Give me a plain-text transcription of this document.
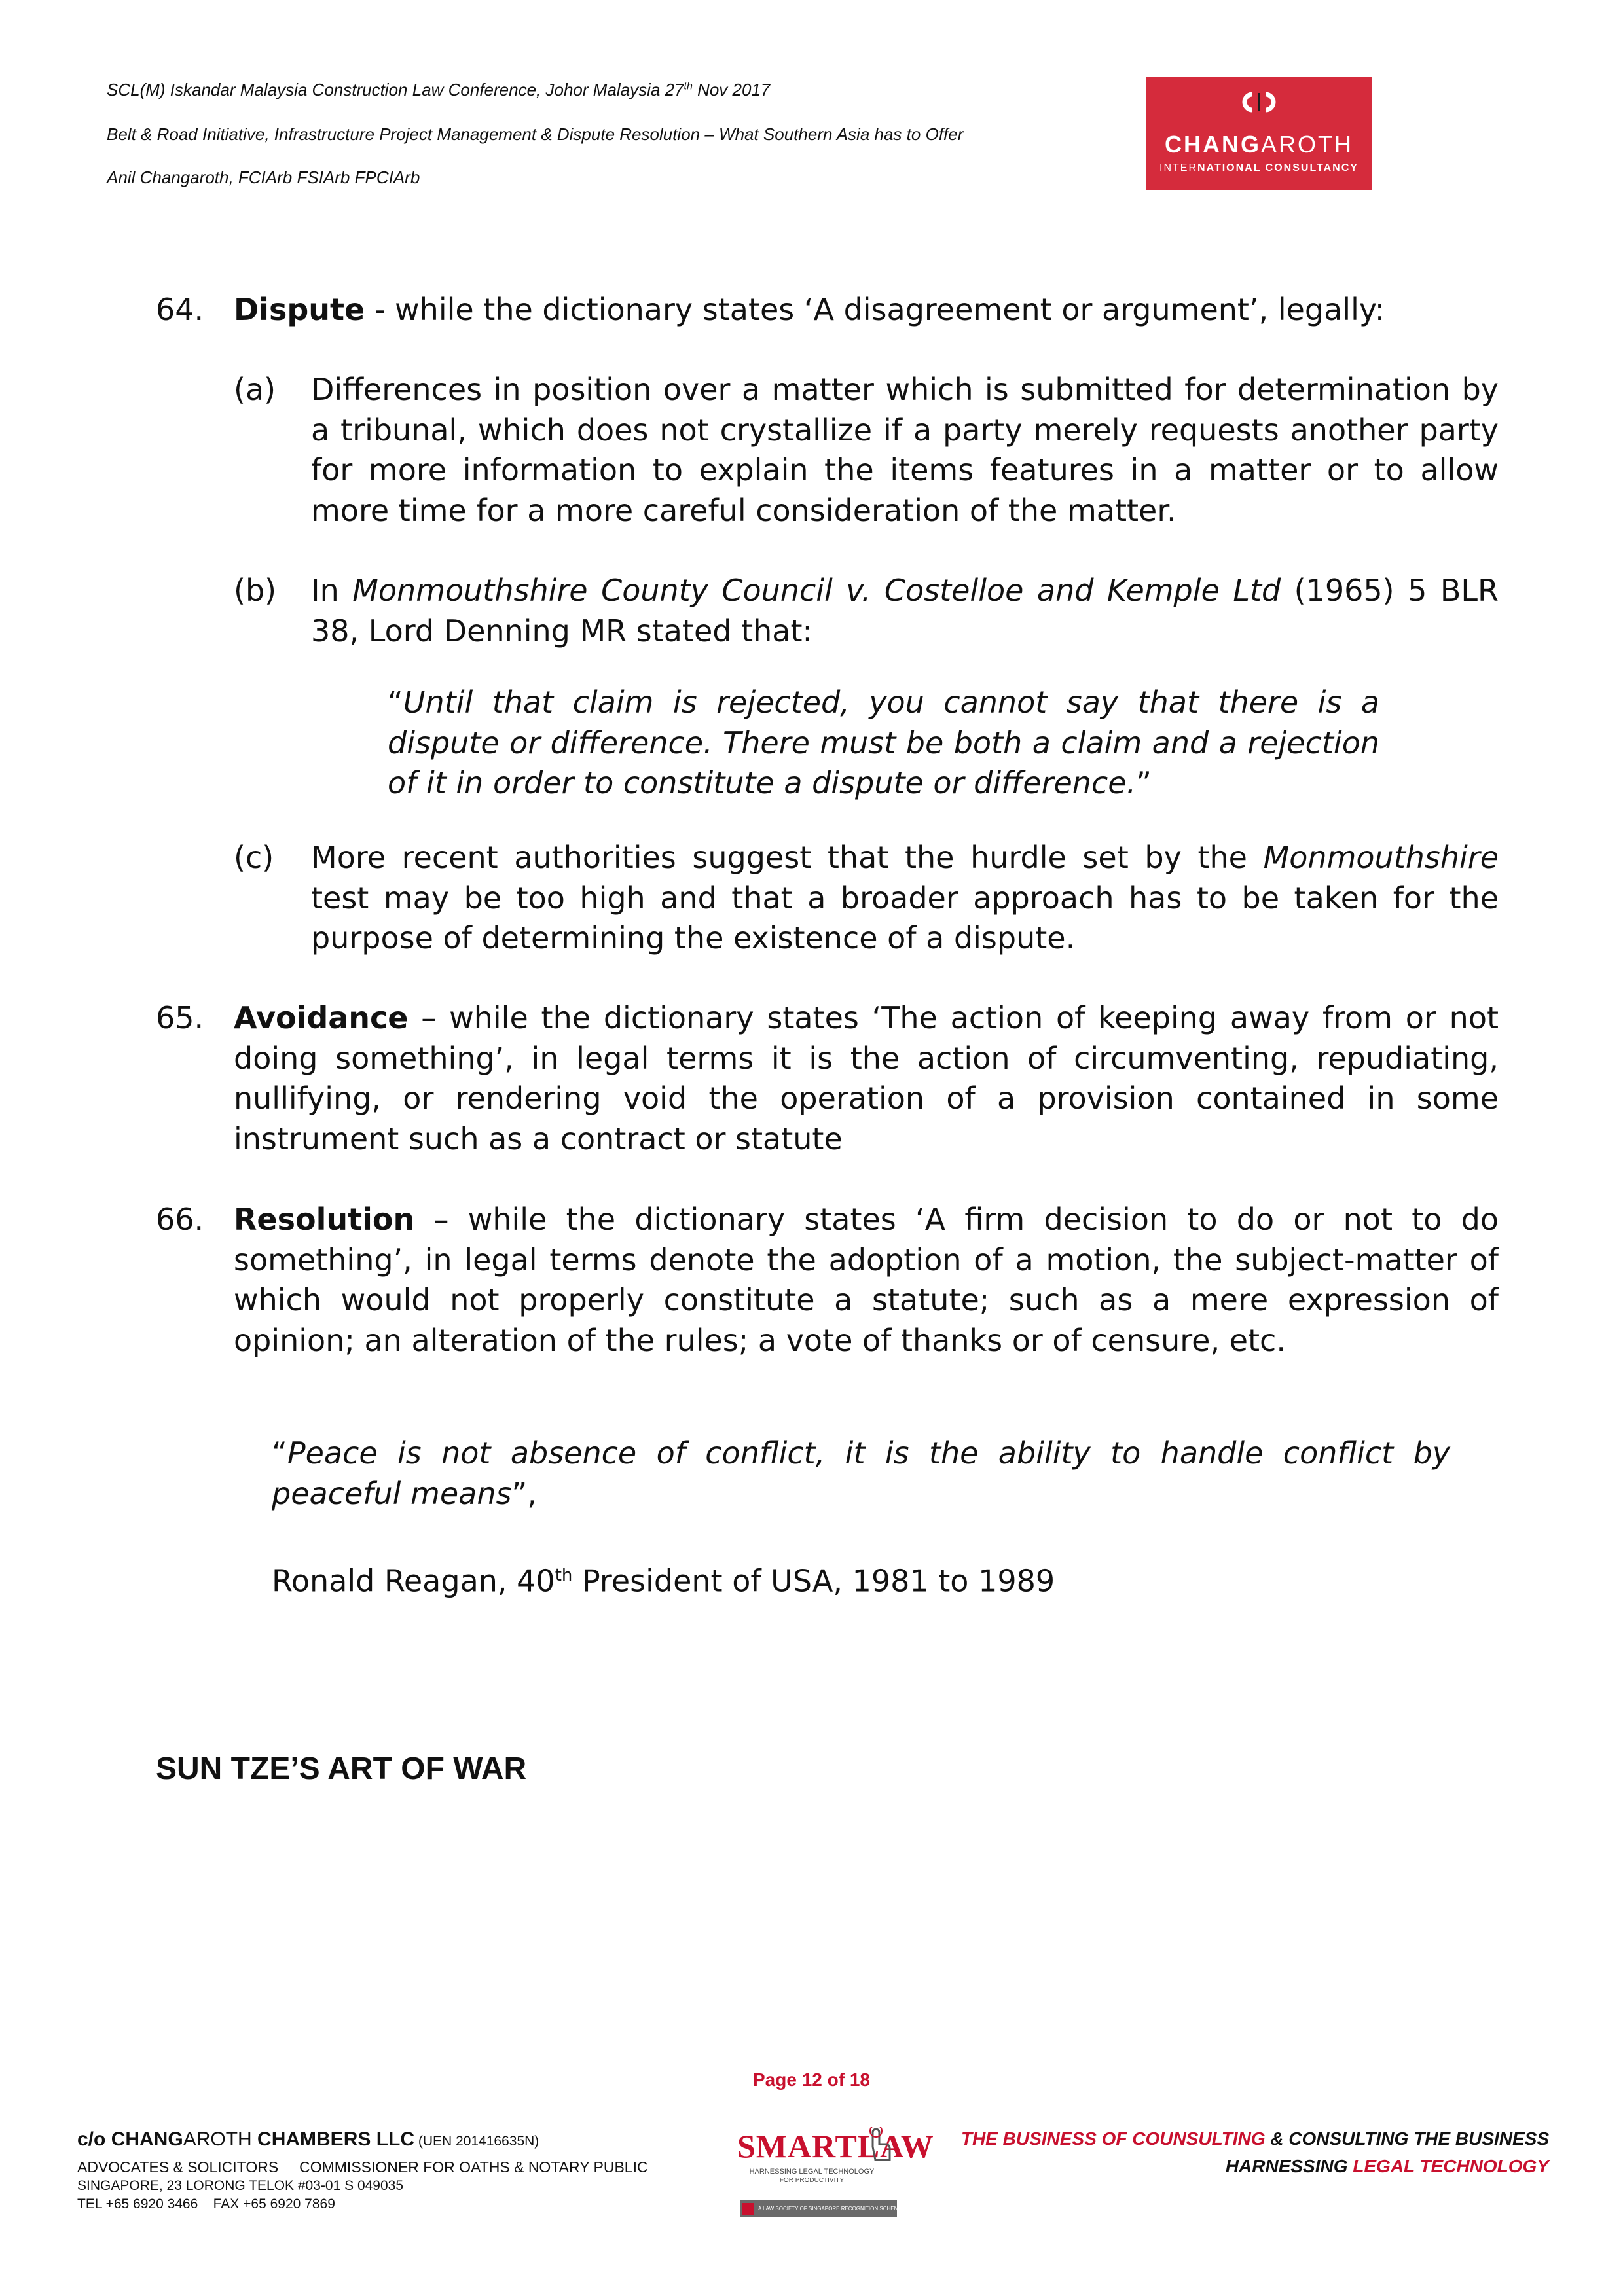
SCL(M) Iskandar Malaysia Construction Law Conference, Johor Malaysia 27th Nov 2017
Belt & Road Initiative, Infrastructure Project Management & Dispute Resolution – What Southern Asia has to Offer
Anil Changaroth, FCIArb FSIArb FPCIArb
CHANGAROTH
INTERNATIONAL CONSULTANCY
64. Dispute - while the dictionary states ‘A disagreement or argument’, legally:
(a) Differences in position over a matter which is submitted for determination by a tribunal, which does not crystallize if a party merely requests another party for more information to explain the items features in a matter or to allow more time for a more careful consideration of the matter.
(b) In Monmouthshire County Council v. Costelloe and Kemple Ltd (1965) 5 BLR 38, Lord Denning MR stated that:
“Until that claim is rejected, you cannot say that there is a dispute or difference. There must be both a claim and a rejection of it in order to constitute a dispute or difference.”
(c) More recent authorities suggest that the hurdle set by the Monmouthshire test may be too high and that a broader approach has to be taken for the purpose of determining the existence of a dispute.
65. Avoidance – while the dictionary states ‘The action of keeping away from or not doing something’, in legal terms it is the action of circumventing, repudiating, nullifying, or rendering void the operation of a provision contained in some instrument such as a contract or statute
66. Resolution – while the dictionary states ‘A firm decision to do or not to do something’, in legal terms denote the adoption of a motion, the subject-matter of which would not properly constitute a statute; such as a mere expression of opinion; an alteration of the rules; a vote of thanks or of censure, etc.
“Peace is not absence of conflict, it is the ability to handle conflict by peaceful means”,
Ronald Reagan, 40th President of USA, 1981 to 1989
SUN TZE’S ART OF WAR
Page 12 of 18
c/o CHANGAROTH CHAMBERS LLC (UEN 201416635N)
ADVOCATES & SOLICITORS     COMMISSIONER FOR OATHS & NOTARY PUBLIC
SINGAPORE, 23 LORONG TELOK #03-01 S 049035
TEL +65 6920 3466    FAX +65 6920 7869
SMARTLAW
HARNESSING LEGAL TECHNOLOGY
FOR PRODUCTIVITY
A LAW SOCIETY OF SINGAPORE RECOGNITION SCHEME
THE BUSINESS OF COUNSULTING & CONSULTING THE BUSINESS
HARNESSING LEGAL TECHNOLOGY
